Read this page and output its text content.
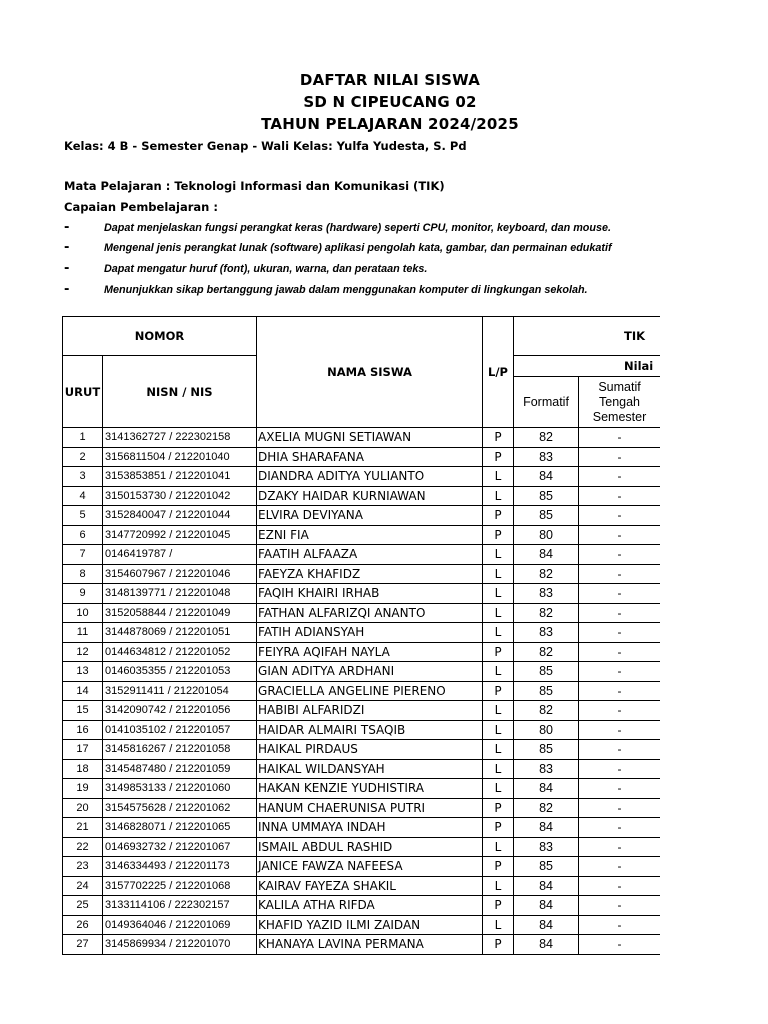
DAFTAR NILAI SISWA
SD N CIPEUCANG 02
TAHUN PELAJARAN 2024/2025
Kelas: 4 B - Semester Genap - Wali Kelas: Yulfa Yudesta, S. Pd
Mata Pelajaran : Teknologi Informasi dan Komunikasi (TIK)
Capaian Pembelajaran :
-	Dapat menjelaskan fungsi perangkat keras (hardware) seperti CPU, monitor, keyboard, dan mouse.
-	Mengenal jenis perangkat lunak (software) aplikasi pengolah kata, gambar, dan permainan edukatif
-	Dapat mengatur huruf (font), ukuran, warna, dan perataan teks.
-	Menunjukkan sikap bertanggung jawab dalam menggunakan komputer di lingkungan sekolah.
NOMOR		NAMA SISWA	L/P	TIK		
URUT	NISN / NIS			Nilai		
				Formatif	Sumatif Tengah Semester	
1	3141362727 / 222302158	AXELIA MUGNI SETIAWAN	P	82	-	
2	3156811504 / 212201040	DHIA SHARAFANA	P	83	-	
3	3153853851 / 212201041	DIANDRA ADITYA YULIANTO	L	84	-	
4	3150153730 / 212201042	DZAKY HAIDAR KURNIAWAN	L	85	-	
5	3152840047 / 212201044	ELVIRA DEVIYANA	P	85	-	
6	3147720992 / 212201045	EZNI FIA	P	80	-	
7	0146419787 /	FAATIH ALFAAZA	L	84	-	
8	3154607967 / 212201046	FAEYZA KHAFIDZ	L	82	-	
9	3148139771 / 212201048	FAQIH KHAIRI IRHAB	L	83	-	
10	3152058844 / 212201049	FATHAN ALFARIZQI ANANTO	L	82	-	
11	3144878069 / 212201051	FATIH ADIANSYAH	L	83	-	
12	0144634812 / 212201052	FEIYRA AQIFAH NAYLA	P	82	-	
13	0146035355 / 212201053	GIAN ADITYA ARDHANI	L	85	-	
14	3152911411 / 212201054	GRACIELLA ANGELINE PIERENO	P	85	-	
15	3142090742 / 212201056	HABIBI ALFARIDZI	L	82	-	
16	0141035102 / 212201057	HAIDAR ALMAIRI TSAQIB	L	80	-	
17	3145816267 / 212201058	HAIKAL PIRDAUS	L	85	-	
18	3145487480 / 212201059	HAIKAL WILDANSYAH	L	83	-	
19	3149853133 / 212201060	HAKAN KENZIE YUDHISTIRA	L	84	-	
20	3154575628 / 212201062	HANUM CHAERUNISA PUTRI	P	82	-	
21	3146828071 / 212201065	INNA UMMAYA INDAH	P	84	-	
22	0146932732 / 212201067	ISMAIL ABDUL RASHID	L	83	-	
23	3146334493 / 212201173	JANICE FAWZA NAFEESA	P	85	-	
24	3157702225 / 212201068	KAIRAV FAYEZA SHAKIL	L	84	-	
25	3133114106 / 222302157	KALILA ATHA RIFDA	P	84	-	
26	0149364046 / 212201069	KHAFID YAZID ILMI ZAIDAN	L	84	-	
27	3145869934 / 212201070	KHANAYA LAVINA PERMANA	P	84	-	
